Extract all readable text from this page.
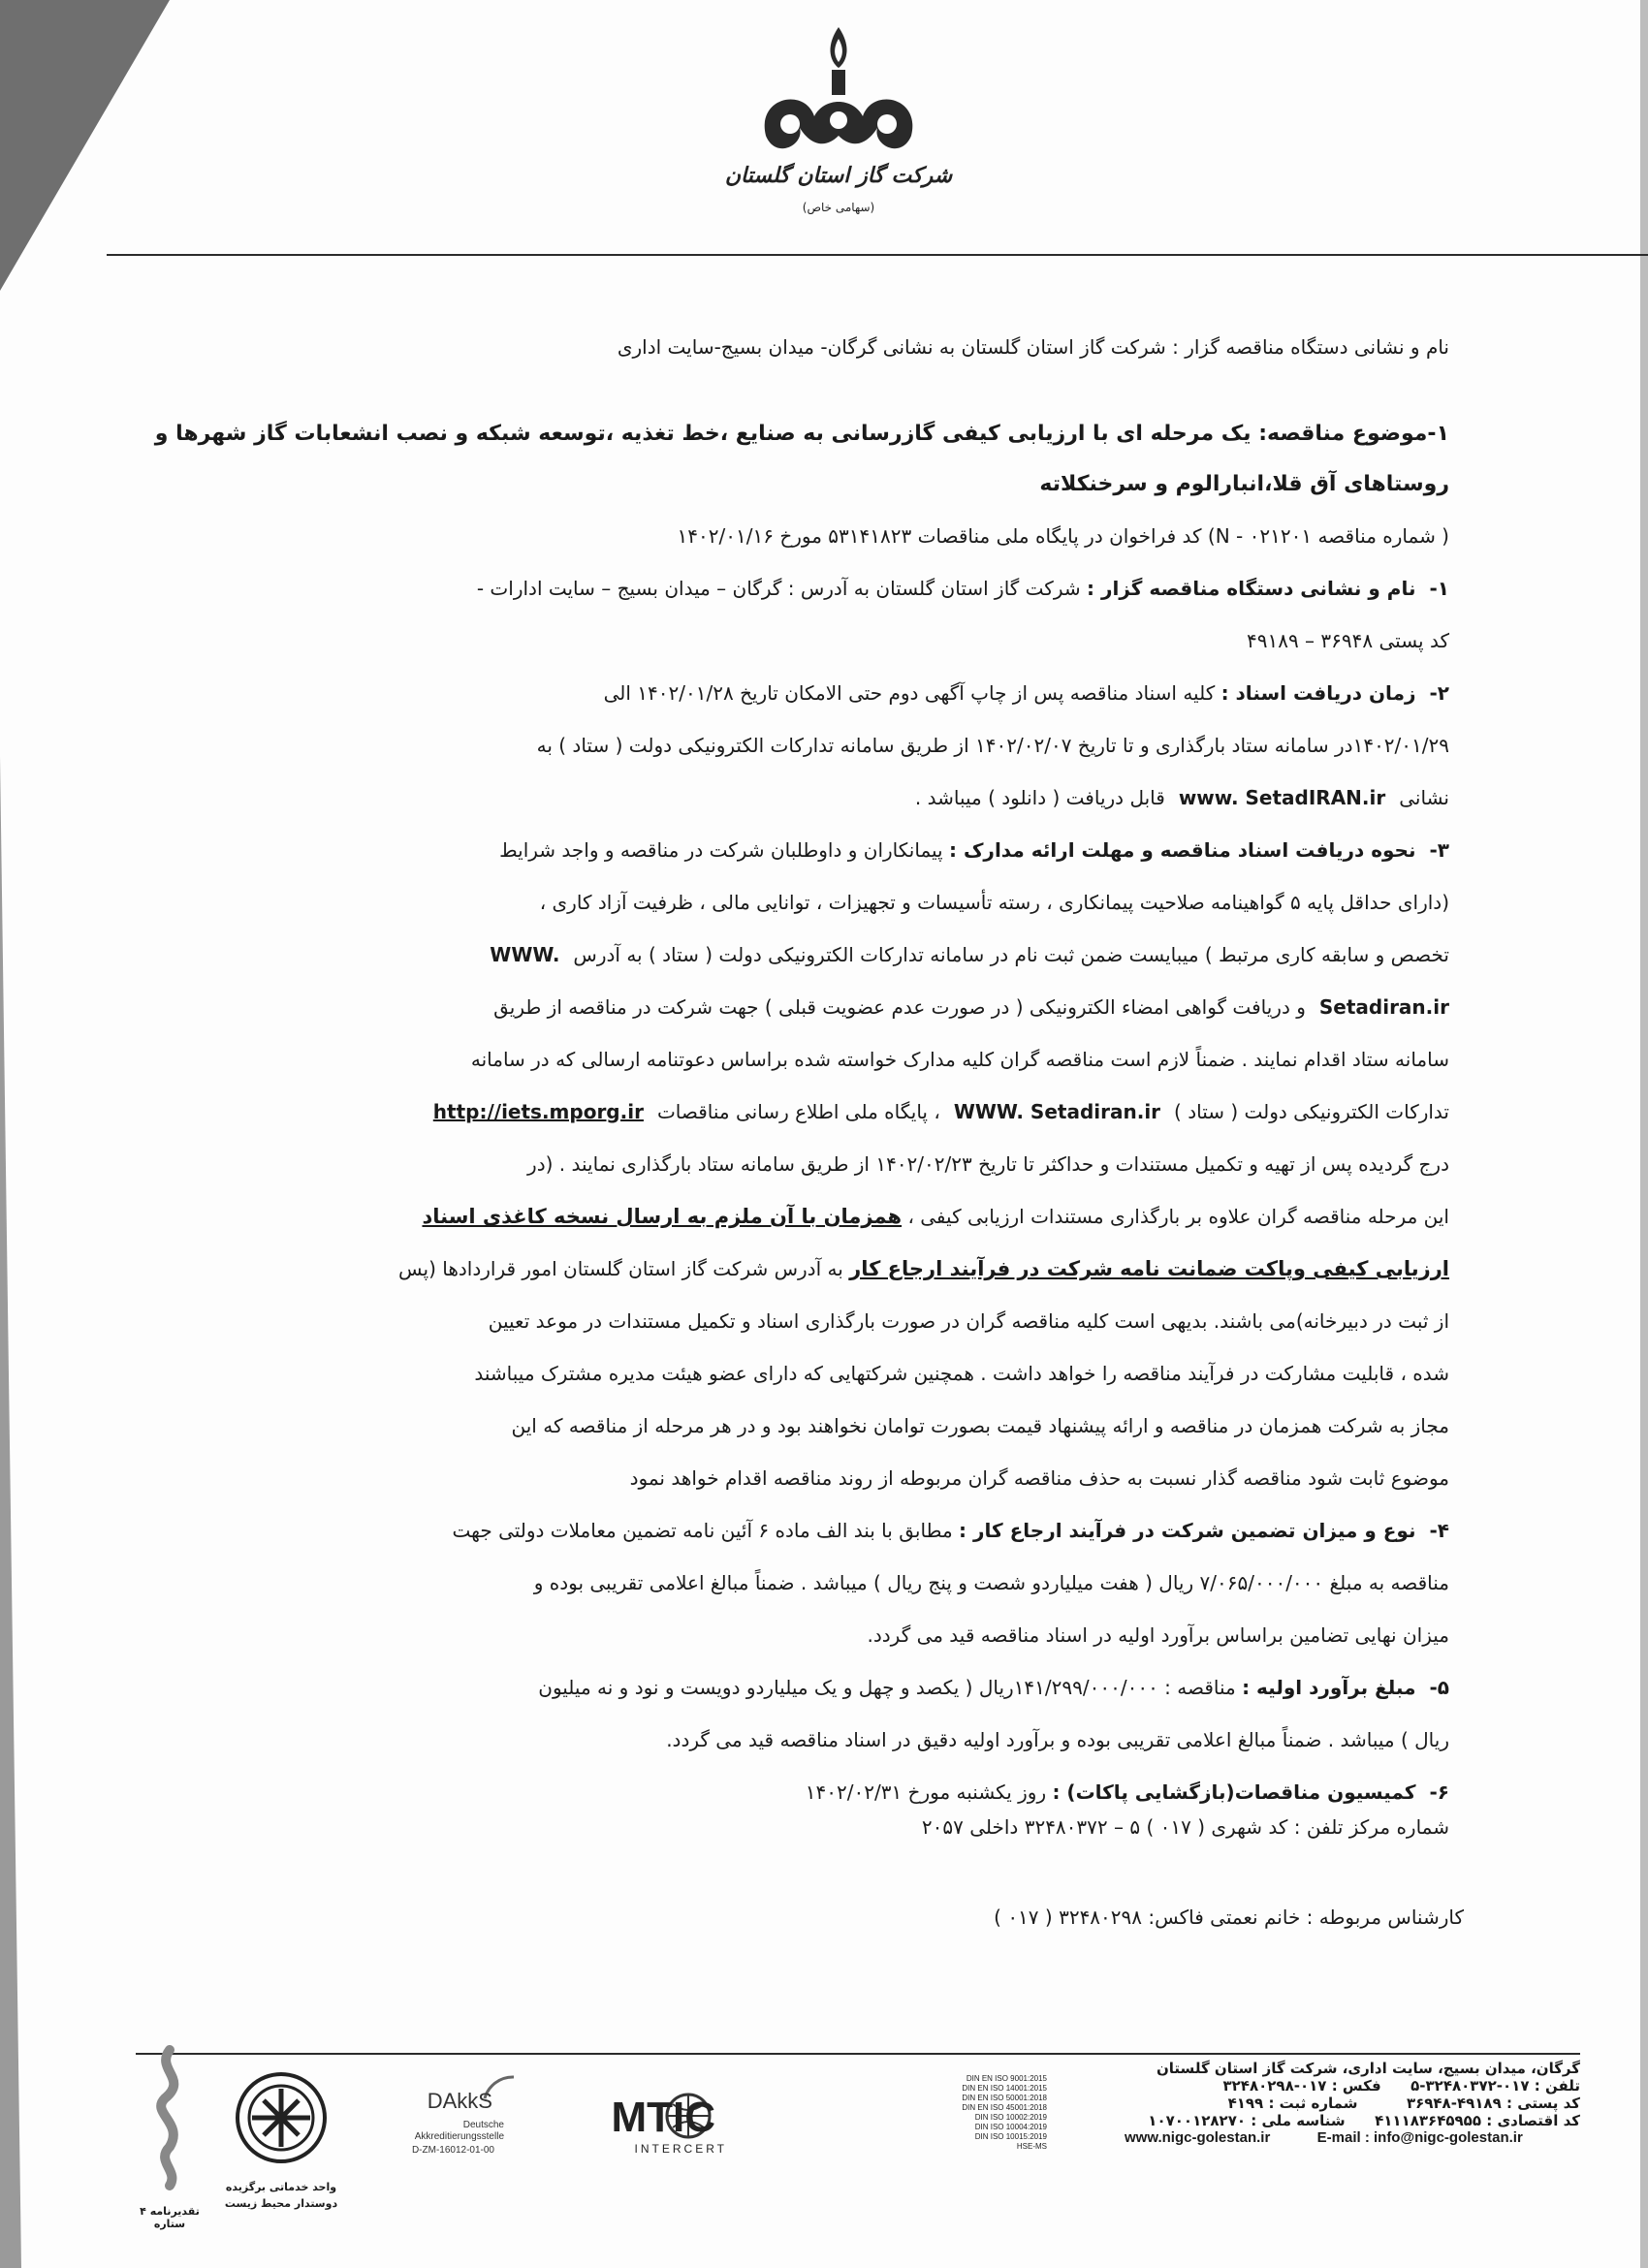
شرکت گاز استان گلستان
(سهامی خاص)

نام و نشانی دستگاه مناقصه گزار : شرکت گاز استان گلستان به نشانی گرگان- میدان بسیج-سایت اداری

۱-موضوع مناقصه: یک مرحله ای با ارزیابی کیفی گازرسانی به صنایع ،خط تغذیه ،توسعه شبکه و نصب انشعابات گاز شهرها و

روستاهای آق قلا،انبارالوم و سرخنکلاته

( شماره مناقصه N - ۰۲۱۲۰۱) کد فراخوان در پایگاه ملی مناقصات ۵۳۱۴۱۸۲۳ مورخ ۱۴۰۲/۰۱/۱۶

۱-نام و نشانی دستگاه مناقصه گزار : شرکت گاز استان گلستان به آدرس : گرگان – میدان بسیج – سایت ادارات -

کد پستی ۳۶۹۴۸ – ۴۹۱۸۹

۲-زمان دریافت اسناد : کلیه اسناد مناقصه پس از چاپ آگهی دوم حتی الامکان تاریخ ۱۴۰۲/۰۱/۲۸ الی

۱۴۰۲/۰۱/۲۹در سامانه ستاد بارگذاری و تا تاریخ ۱۴۰۲/۰۲/۰۷ از طریق سامانه تدارکات الکترونیکی دولت ( ستاد ) به

نشانیwww. SetadIRAN.irقابل دریافت ( دانلود ) میباشد .

۳-نحوه دریافت اسناد مناقصه و مهلت ارائه مدارک : پیمانکاران و داوطلبان شرکت در مناقصه و واجد شرایط

(دارای حداقل پایه ۵ گواهینامه صلاحیت پیمانکاری ، رسته تأسیسات و تجهیزات ، توانایی مالی ، ظرفیت آزاد کاری ،

تخصص و سابقه کاری مرتبط ) میبایست ضمن ثبت نام در سامانه تدارکات الکترونیکی دولت ( ستاد ) به آدرسWWW.

Setadiran.irو دریافت گواهی امضاء الکترونیکی ( در صورت عدم عضویت قبلی ) جهت شرکت در مناقصه از طریق

سامانه ستاد اقدام نمایند . ضمناً لازم است مناقصه گران کلیه مدارک خواسته شده براساس دعوتنامه ارسالی که در سامانه

تدارکات الکترونیکی دولت ( ستاد )WWW. Setadiran.ir، پایگاه ملی اطلاع رسانی مناقصاتhttp://iets.mporg.ir

درج گردیده پس از تهیه و تکمیل مستندات و حداکثر تا تاریخ ۱۴۰۲/۰۲/۲۳ از طریق سامانه ستاد بارگذاری نمایند . (در

این مرحله مناقصه گران علاوه بر بارگذاری مستندات ارزیابی کیفی ، همزمان با آن ملزم به ارسال نسخه کاغذی اسناد

ارزیابی کیفی وپاکت ضمانت نامه شرکت در فرآیند ارجاع کار به آدرس شرکت گاز استان گلستان امور قراردادها (پس

از ثبت در دبیرخانه)می باشند. بدیهی است کلیه مناقصه گران در صورت بارگذاری اسناد و تکمیل مستندات در موعد تعیین

شده ، قابلیت مشارکت در فرآیند مناقصه را خواهد داشت . همچنین شرکتهایی که دارای عضو هیئت مدیره مشترک میباشند

مجاز به شرکت همزمان در مناقصه و ارائه پیشنهاد قیمت بصورت توامان نخواهند بود و در هر مرحله از مناقصه که این

موضوع ثابت شود مناقصه گذار نسبت به حذف مناقصه گران مربوطه از روند مناقصه اقدام خواهد نمود

۴-نوع و میزان تضمین شرکت در فرآیند ارجاع کار : مطابق با بند الف ماده ۶ آئین نامه تضمین معاملات دولتی جهت

مناقصه به مبلغ ۷/۰۶۵/۰۰۰/۰۰۰ ریال ( هفت میلیاردو شصت و پنج ریال ) میباشد . ضمناً مبالغ اعلامی تقریبی بوده و

میزان نهایی تضامین براساس برآورد اولیه در اسناد مناقصه قید می گردد.

۵-مبلغ برآورد اولیه : مناقصه : ۱۴۱/۲۹۹/۰۰۰/۰۰۰ریال ( یکصد و چهل و یک میلیاردو دویست و نود و نه میلیون

ریال ) میباشد . ضمناً مبالغ اعلامی تقریبی بوده و برآورد اولیه دقیق در اسناد مناقصه قید می گردد.

۶-کمیسیون مناقصات(بازگشایی پاکات) : روز یکشنبه مورخ ۱۴۰۲/۰۲/۳۱

شماره مرکز تلفن : کد شهری ( ۰۱۷ ) ۵ – ۳۲۴۸۰۳۷۲ داخلی ۲۰۵۷
کارشناس مربوطه : خانم نعمتی فاکس: ۳۲۴۸۰۲۹۸ ( ۰۱۷ )
گرگان، میدان بسیج، سایت اداری، شرکت گاز استان گلستان
تلفن : ۰۱۷-۳۲۴۸۰۳۷۲-۵  فکس : ۰۱۷-۳۲۴۸۰۲۹۸
کد پستی : ۴۹۱۸۹-۳۶۹۴۸  شماره ثبت : ۴۱۹۹
کد اقتصادی : ۴۱۱۱۸۳۶۴۵۹۵۵  شناسه ملی : ۱۰۷۰۰۱۲۸۲۷۰
www.nigc-golestan.ir	E-mail : info@nigc-golestan.ir
DAkkS
Deutsche
Akkreditierungsstelle
D-ZM-16012-01-00
MTIC
INTERCERT
DIN EN ISO 9001:2015
DIN EN ISO 14001:2015
DIN EN ISO 50001:2018
DIN EN ISO 45001:2018
DIN ISO 10002:2019
DIN ISO 10004:2019
DIN ISO 10015:2019
HSE-MS
واحد خدماتی برگزیده
دوستدار محیط زیست
تقدیرنامه ۴ ستاره
